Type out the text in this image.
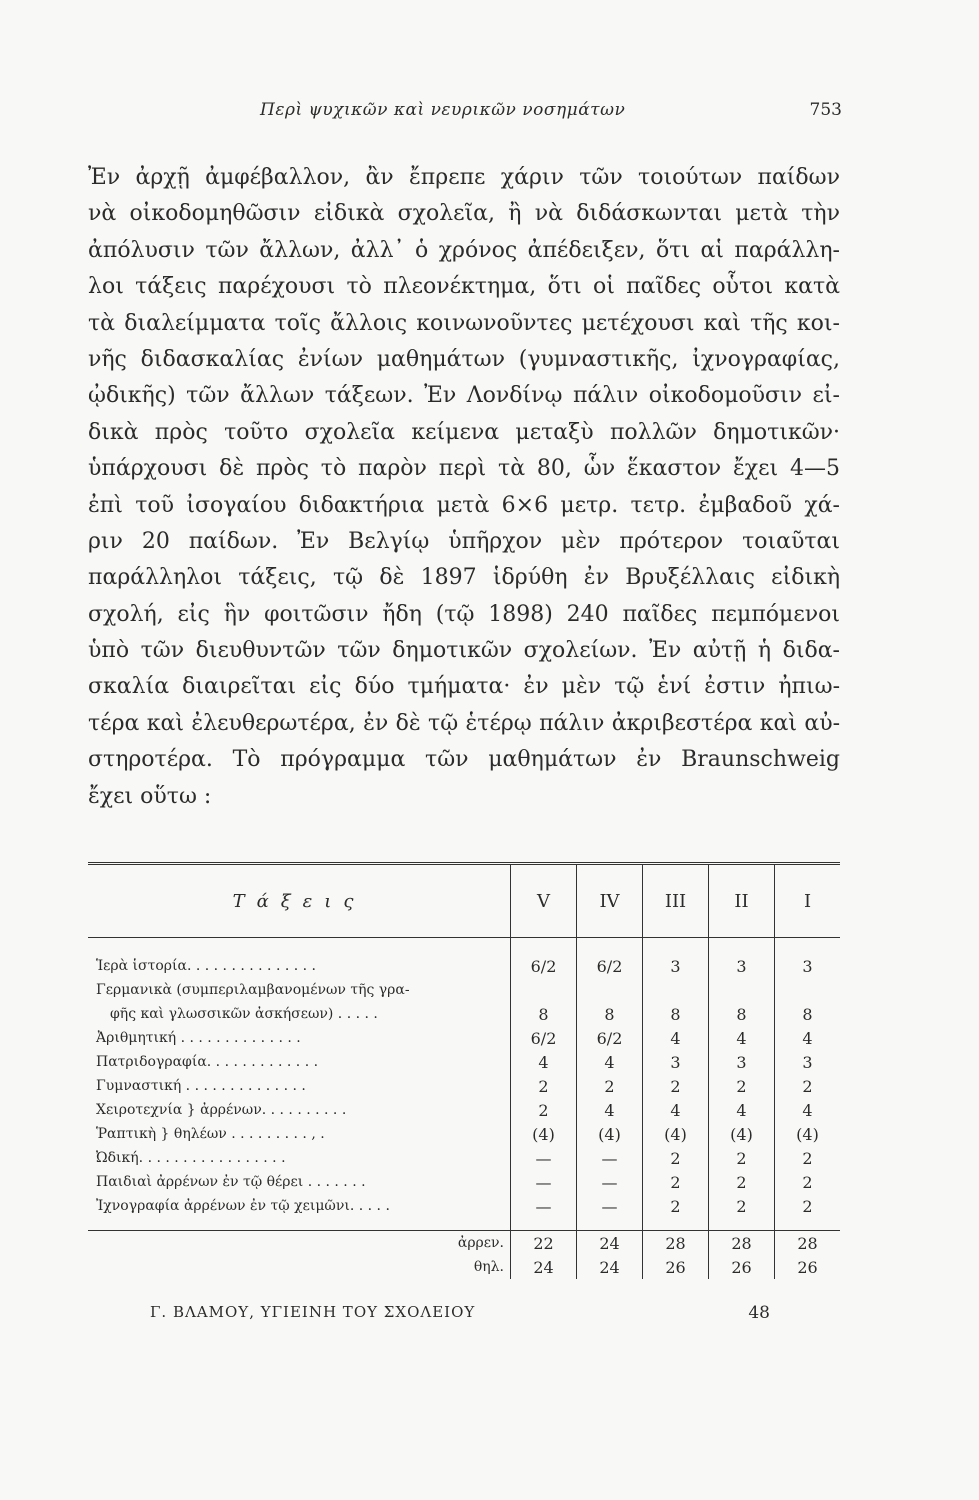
Περὶ ψυχικῶν καὶ νευρικῶν νοσημάτων	753
Ἐν ἀρχῇ ἀμφέβαλλον, ἂν ἔπρεπε χάριν τῶν τοιούτων παίδων
νὰ οἰκοδομηθῶσιν εἰδικὰ σχολεῖα, ἢ νὰ διδάσκωνται μετὰ τὴν
ἀπόλυσιν τῶν ἄλλων, ἀλλ᾽ ὁ χρόνος ἀπέδειξεν, ὅτι αἱ παράλλη-
λοι τάξεις παρέχουσι τὸ πλεονέκτημα, ὅτι οἱ παῖδες οὗτοι κατὰ
τὰ διαλείμματα τοῖς ἄλλοις κοινωνοῦντες μετέχουσι καὶ τῆς κοι-
νῆς διδασκαλίας ἐνίων μαθημάτων (γυμναστικῆς, ἰχνογραφίας,
ᾠδικῆς) τῶν ἄλλων τάξεων. Ἐν Λονδίνῳ πάλιν οἰκοδομοῦσιν εἰ-
δικὰ πρὸς τοῦτο σχολεῖα κείμενα μεταξὺ πολλῶν δημοτικῶν·
ὑπάρχουσι δὲ πρὸς τὸ παρὸν περὶ τὰ 80, ὧν ἕκαστον ἔχει 4—5
ἐπὶ τοῦ ἰσογαίου διδακτήρια μετὰ 6×6 μετρ. τετρ. ἐμβαδοῦ χά-
ριν 20 παίδων. Ἐν Βελγίῳ ὑπῆρχον μὲν πρότερον τοιαῦται
παράλληλοι τάξεις, τῷ δὲ 1897 ἱδρύθη ἐν Βρυξέλλαις εἰδικὴ
σχολή, εἰς ἣν φοιτῶσιν ἤδη (τῷ 1898) 240 παῖδες πεμπόμενοι
ὑπὸ τῶν διευθυντῶν τῶν δημοτικῶν σχολείων. Ἐν αὐτῇ ἡ διδα-
σκαλία διαιρεῖται εἰς δύο τμήματα· ἐν μὲν τῷ ἑνί ἐστιν ἠπιω-
τέρα καὶ ἐλευθερωτέρα, ἐν δὲ τῷ ἑτέρῳ πάλιν ἀκριβεστέρα καὶ αὐ-
στηροτέρα. Τὸ πρόγραμμα τῶν μαθημάτων ἐν Braunschweig
ἔχει οὕτω :
Τάξεις	V	IV	III	II	I

Ἱερὰ ἱστορία. . . . . . . . . . . . . . .	6/2	6/2	3	3	3
Γερμανικὰ (συμπεριλαμβανομένων τῆς γρα-					
φῆς καὶ γλωσσικῶν ἀσκήσεων) . . . . .	8	8	8	8	8
Ἀριθμητική . . . . . . . . . . . . . .	6/2	6/2	4	4	4
Πατριδογραφία. . . . . . . . . . . . .	4	4	3	3	3
Γυμναστική . . . . . . . . . . . . . .	2	2	2	2	2
Χειροτεχνία } ἀρρένων. . . . . . . . . .	2	4	4	4	4
Ῥαπτικὴ } θηλέων . . . . . . . . . , .	(4)	(4)	(4)	(4)	(4)
Ὠδική. . . . . . . . . . . . . . . . .	—	—	2	2	2
Παιδιαὶ ἀρρένων ἐν τῷ θέρει . . . . . . .	—	—	2	2	2
Ἰχνογραφία ἀρρένων ἐν τῷ χειμῶνι. . . . .	—	—	2	2	2

ἀρρεν.	22	24	28	28	28
θηλ.	24	24	26	26	26
Γ. ΒΛΑΜΟΥ, ΥΓΙΕΙΝΗ ΤΟΥ ΣΧΟΛΕΙΟΥ	48
